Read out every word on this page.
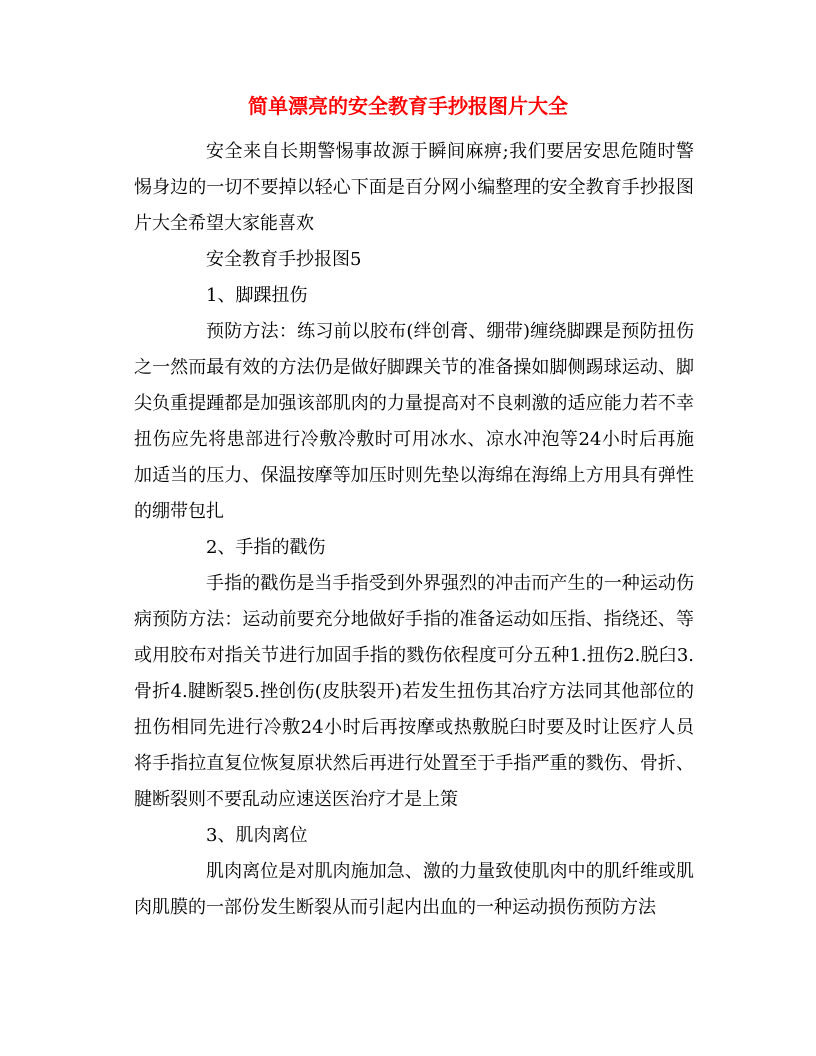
简单漂亮的安全教育手抄报图片大全

安全来自长期警惕事故源于瞬间麻痹;我们要居安思危随时警惕身边的一切不要掉以轻心下面是百分网小编整理的安全教育手抄报图片大全希望大家能喜欢

安全教育手抄报图5

1、脚踝扭伤

预防方法：练习前以胶布(绊创膏、绷带)缠绕脚踝是预防扭伤之一然而最有效的方法仍是做好脚踝关节的准备操如脚侧踢球运动、脚尖负重提踵都是加强该部肌肉的力量提高对不良刺激的适应能力若不幸扭伤应先将患部进行冷敷冷敷时可用冰水、凉水冲泡等24小时后再施加适当的压力、保温按摩等加压时则先垫以海绵在海绵上方用具有弹性的绷带包扎

2、手指的戳伤

手指的戳伤是当手指受到外界强烈的冲击而产生的一种运动伤病预防方法：运动前要充分地做好手指的准备运动如压指、指绕还、等或用胶布对指关节进行加固手指的戮伤依程度可分五种1.扭伤2.脱臼3.骨折4.腱断裂5.挫创伤(皮肤裂开)若发生扭伤其冶疗方法同其他部位的扭伤相同先进行冷敷24小时后再按摩或热敷脱臼时要及时让医疗人员将手指拉直复位恢复原状然后再进行处置至于手指严重的戮伤、骨折、腱断裂则不要乱动应速送医治疗才是上策

3、肌肉离位

肌肉离位是对肌肉施加急、激的力量致使肌肉中的肌纤维或肌肉肌膜的一部份发生断裂从而引起内出血的一种运动损伤预防方法
